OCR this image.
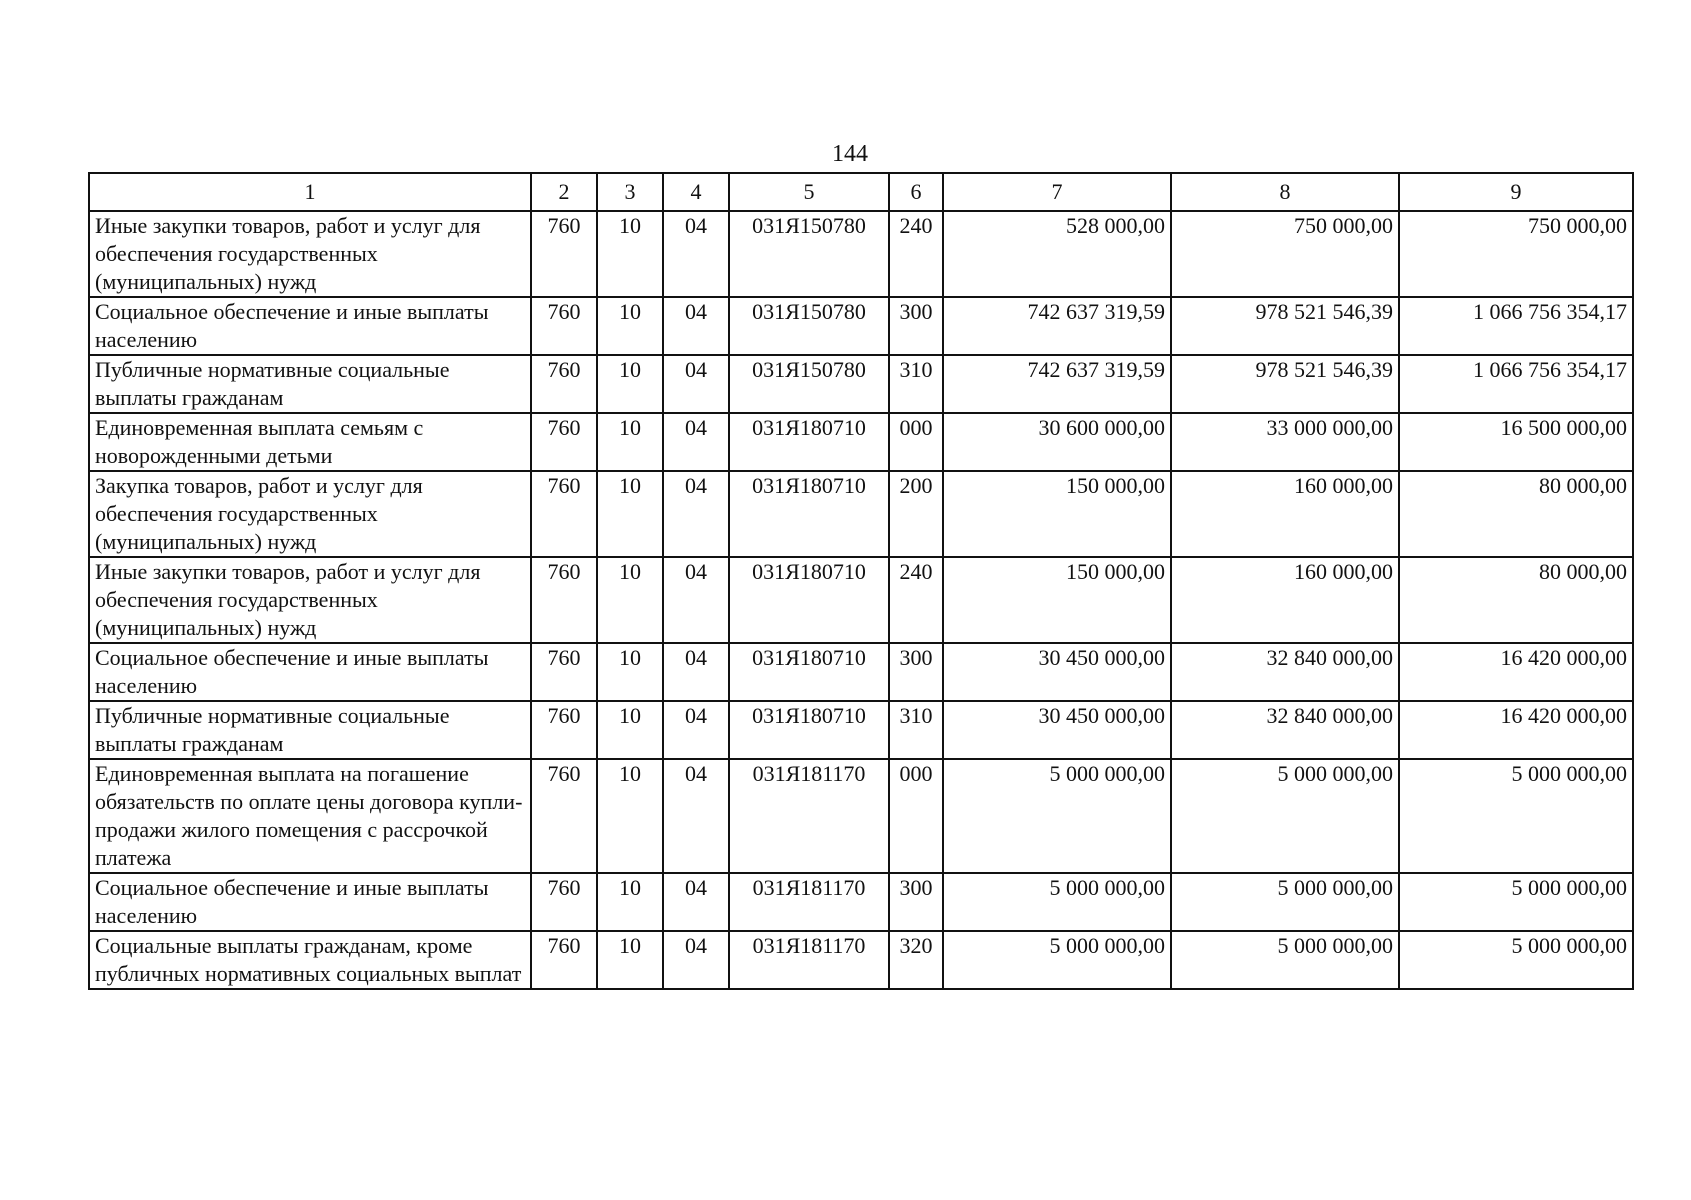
144
1	2	3	4	5	6	7	8	9
Иные закупки товаров, работ и услуг для обеспечения государственных (муниципальных) нужд	760	10	04	031Я150780	240	528 000,00	750 000,00	750 000,00
Социальное обеспечение и иные выплаты населению	760	10	04	031Я150780	300	742 637 319,59	978 521 546,39	1 066 756 354,17
Публичные нормативные социальные выплаты гражданам	760	10	04	031Я150780	310	742 637 319,59	978 521 546,39	1 066 756 354,17
Единовременная выплата семьям с новорожденными детьми	760	10	04	031Я180710	000	30 600 000,00	33 000 000,00	16 500 000,00
Закупка товаров, работ и услуг для обеспечения государственных (муниципальных) нужд	760	10	04	031Я180710	200	150 000,00	160 000,00	80 000,00
Иные закупки товаров, работ и услуг для обеспечения государственных (муниципальных) нужд	760	10	04	031Я180710	240	150 000,00	160 000,00	80 000,00
Социальное обеспечение и иные выплаты населению	760	10	04	031Я180710	300	30 450 000,00	32 840 000,00	16 420 000,00
Публичные нормативные социальные выплаты гражданам	760	10	04	031Я180710	310	30 450 000,00	32 840 000,00	16 420 000,00
Единовременная выплата на погашение обязательств по оплате цены договора купли-продажи жилого помещения с рассрочкой платежа	760	10	04	031Я181170	000	5 000 000,00	5 000 000,00	5 000 000,00
Социальное обеспечение и иные выплаты населению	760	10	04	031Я181170	300	5 000 000,00	5 000 000,00	5 000 000,00
Социальные выплаты гражданам, кроме публичных нормативных социальных выплат	760	10	04	031Я181170	320	5 000 000,00	5 000 000,00	5 000 000,00
